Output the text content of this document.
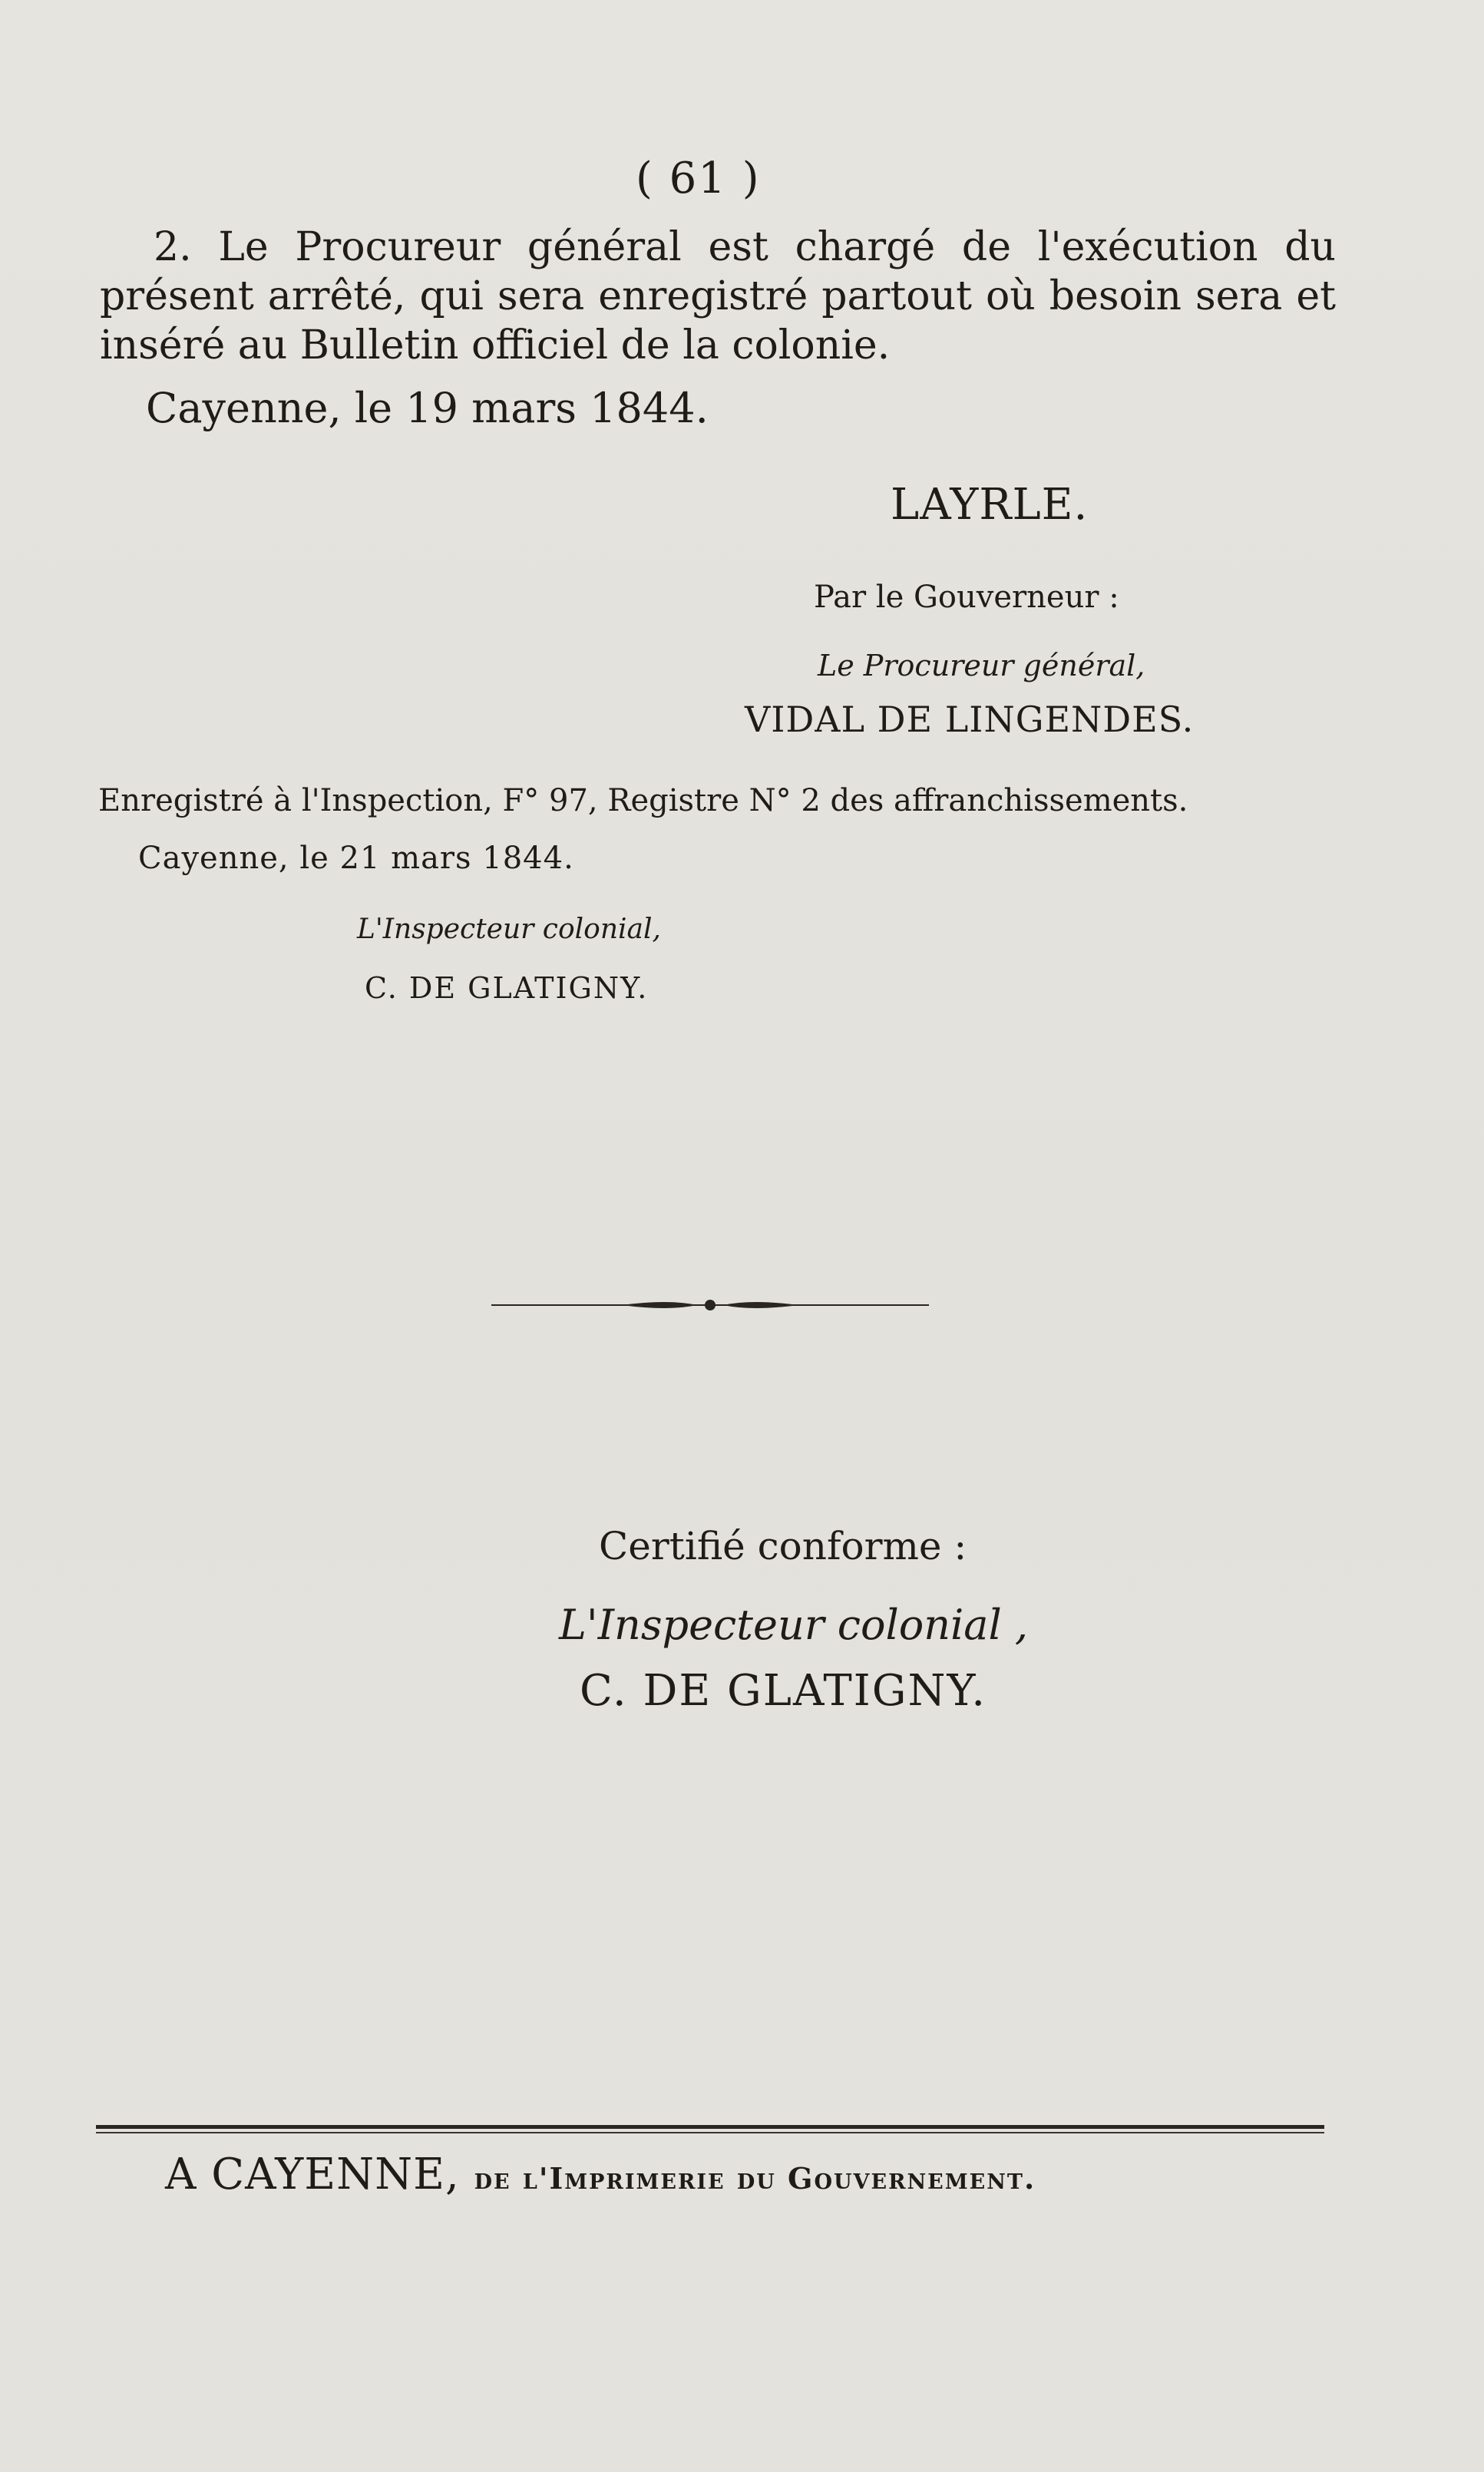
( 61 )
2. Le Procureur général est chargé de l'exécution du présent arrêté, qui sera enregistré partout où besoin sera et inséré au Bulletin officiel de la colonie.
Cayenne, le 19 mars 1844.
LAYRLE.
Par le Gouverneur :
Le Procureur général,
VIDAL DE LINGENDES.
Enregistré à l'Inspection, F° 97, Registre N° 2 des affranchissements.
Cayenne, le 21 mars 1844.
L'Inspecteur colonial,
C. DE GLATIGNY.
Certifié conforme :
L'Inspecteur colonial ,
C. DE GLATIGNY.
A CAYENNE, de l'Imprimerie du Gouvernement.
